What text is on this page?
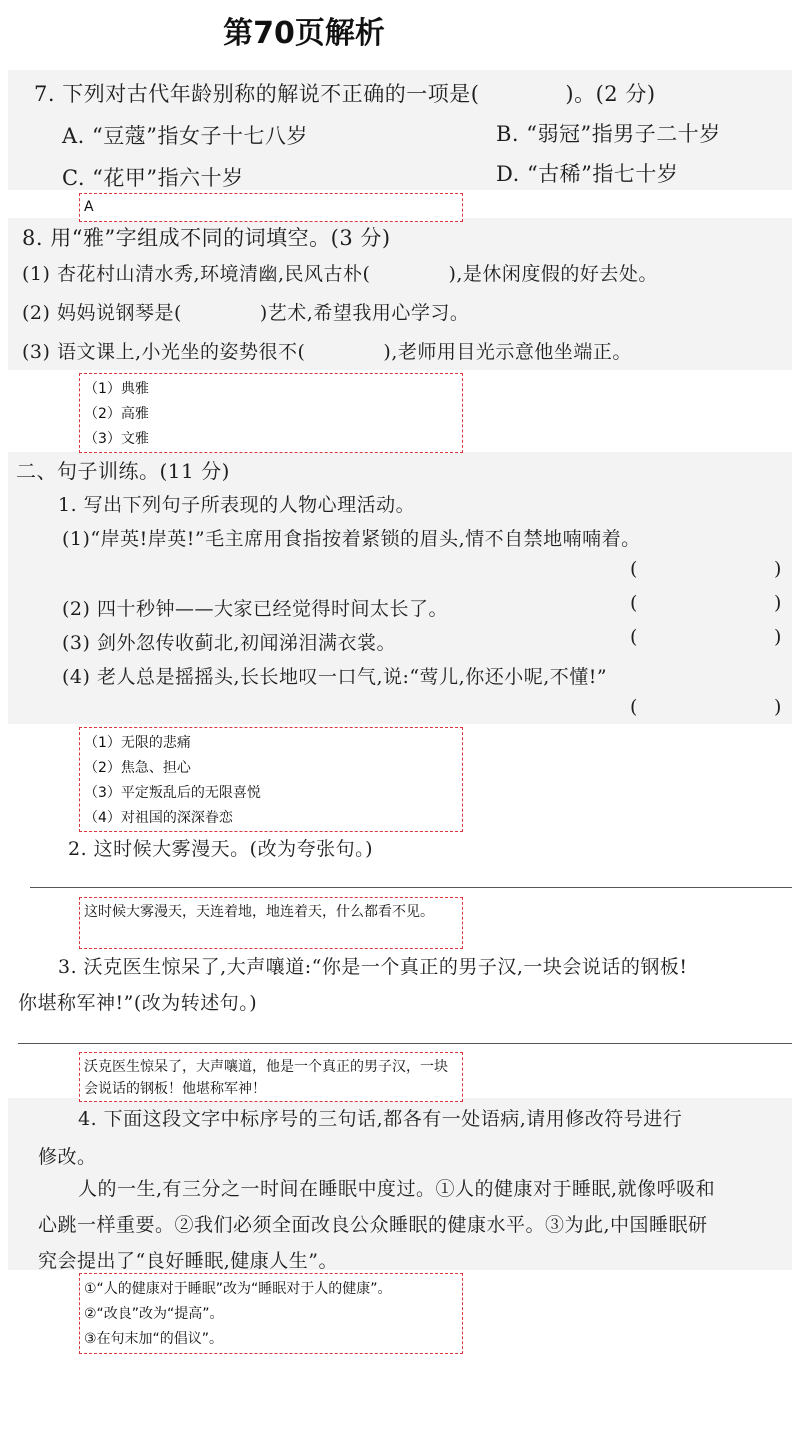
第70页解析
7. 下列对古代年龄别称的解说不正确的一项是(　　　　)。(2 分)
A. “豆蔻”指女子十七八岁	B. “弱冠”指男子二十岁
C. “花甲”指六十岁	D. “古稀”指七十岁
A
8. 用“雅”字组成不同的词填空。(3 分)
(1) 杏花村山清水秀,环境清幽,民风古朴(　　　　),是休闲度假的好去处。
(2) 妈妈说钢琴是(　　　　)艺术,希望我用心学习。
(3) 语文课上,小光坐的姿势很不(　　　　),老师用目光示意他坐端正。
（1）典雅
（2）高雅
（3）文雅
二、句子训练。(11 分)
1. 写出下列句子所表现的人物心理活动。
(1)“岸英!岸英!”毛主席用食指按着紧锁的眉头,情不自禁地喃喃着。
(	)
(2) 四十秒钟——大家已经觉得时间太长了。	(	)
(3) 剑外忽传收蓟北,初闻涕泪满衣裳。	(	)
(4) 老人总是摇摇头,长长地叹一口气,说:“莺儿,你还小呢,不懂!”
(	)
（1）无限的悲痛
（2）焦急、担心
（3）平定叛乱后的无限喜悦
（4）对祖国的深深眷恋
2. 这时候大雾漫天。(改为夸张句。)
这时候大雾漫天，天连着地，地连着天，什么都看不见。
3. 沃克医生惊呆了,大声嚷道:“你是一个真正的男子汉,一块会说话的钢板!
你堪称军神!”(改为转述句。)
沃克医生惊呆了，大声嚷道，他是一个真正的男子汉，一块会说话的钢板！他堪称军神！
4. 下面这段文字中标序号的三句话,都各有一处语病,请用修改符号进行
修改。
人的一生,有三分之一时间在睡眠中度过。①人的健康对于睡眠,就像呼吸和
心跳一样重要。②我们必须全面改良公众睡眠的健康水平。③为此,中国睡眠研
究会提出了“良好睡眠,健康人生”。
①“人的健康对于睡眠”改为“睡眠对于人的健康”。
②“改良”改为“提高”。
③在句末加“的倡议”。
